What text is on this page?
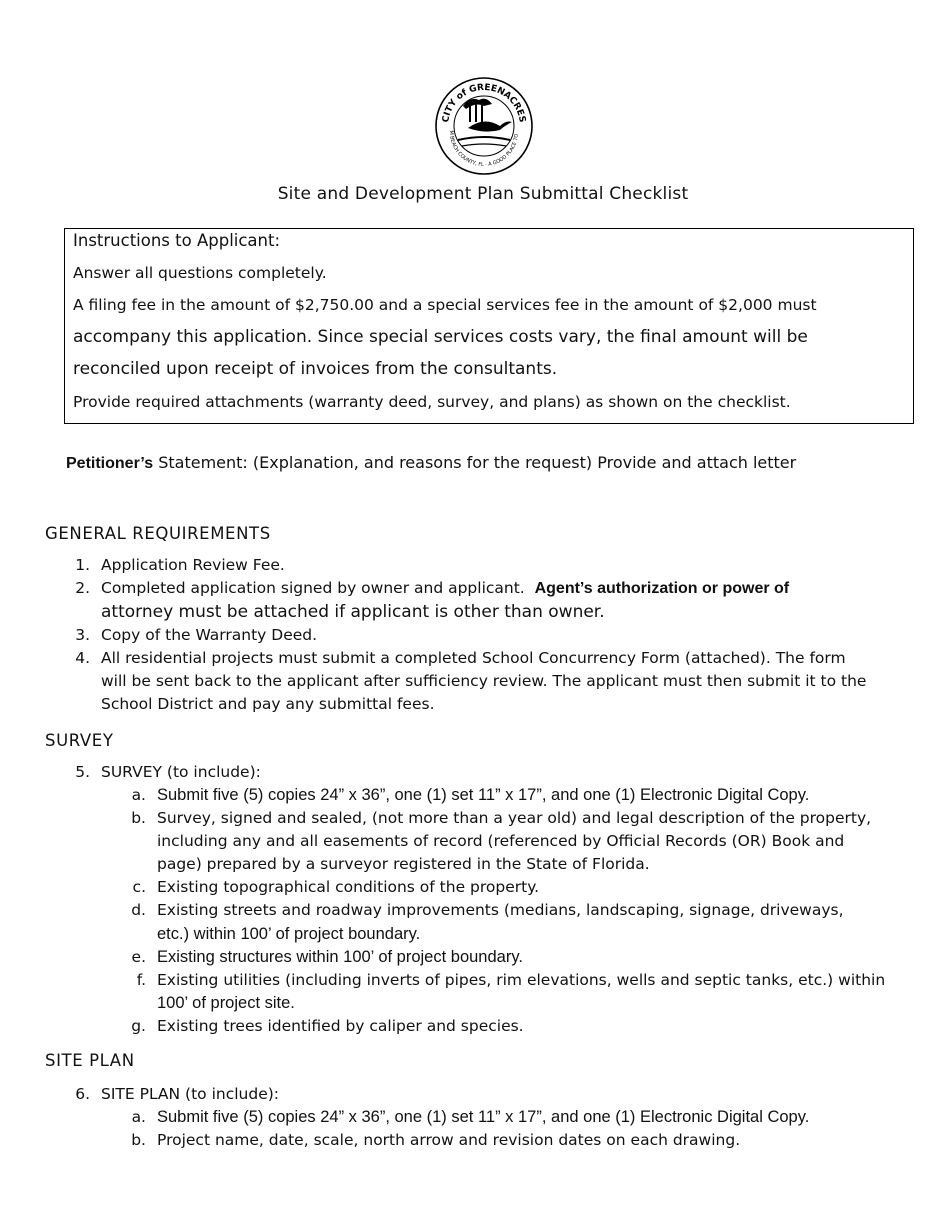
CITY of GREENACRES
M BEACH COUNTY, FL · A GOOD PLACE TO
Site and Development Plan Submittal Checklist
Instructions to Applicant:
Answer all questions completely.
A filing fee in the amount of $2,750.00 and a special services fee in the amount of $2,000 must
accompany this application. Since special services costs vary, the final amount will be
reconciled upon receipt of invoices from the consultants.
Provide required attachments (warranty deed, survey, and plans) as shown on the checklist.
Petitioner’s Statement: (Explanation, and reasons for the request) Provide and attach letter
GENERAL REQUIREMENTS
1. Application Review Fee.
2. Completed application signed by owner and applicant. Agent’s authorization or power of
attorney must be attached if applicant is other than owner.
3. Copy of the Warranty Deed.
4. All residential projects must submit a completed School Concurrency Form (attached). The form
will be sent back to the applicant after sufficiency review. The applicant must then submit it to the
School District and pay any submittal fees.
SURVEY
5. SURVEY (to include):
a. Submit five (5) copies 24” x 36”, one (1) set 11” x 17”, and one (1) Electronic Digital Copy.
b. Survey, signed and sealed, (not more than a year old) and legal description of the property,
including any and all easements of record (referenced by Official Records (OR) Book and
page) prepared by a surveyor registered in the State of Florida.
c. Existing topographical conditions of the property.
d. Existing streets and roadway improvements (medians, landscaping, signage, driveways,
etc.) within 100’ of project boundary.
e. Existing structures within 100’ of project boundary.
f. Existing utilities (including inverts of pipes, rim elevations, wells and septic tanks, etc.) within
100’ of project site.
g. Existing trees identified by caliper and species.
SITE PLAN
6. SITE PLAN (to include):
a. Submit five (5) copies 24” x 36”, one (1) set 11” x 17”, and one (1) Electronic Digital Copy.
b. Project name, date, scale, north arrow and revision dates on each drawing.
